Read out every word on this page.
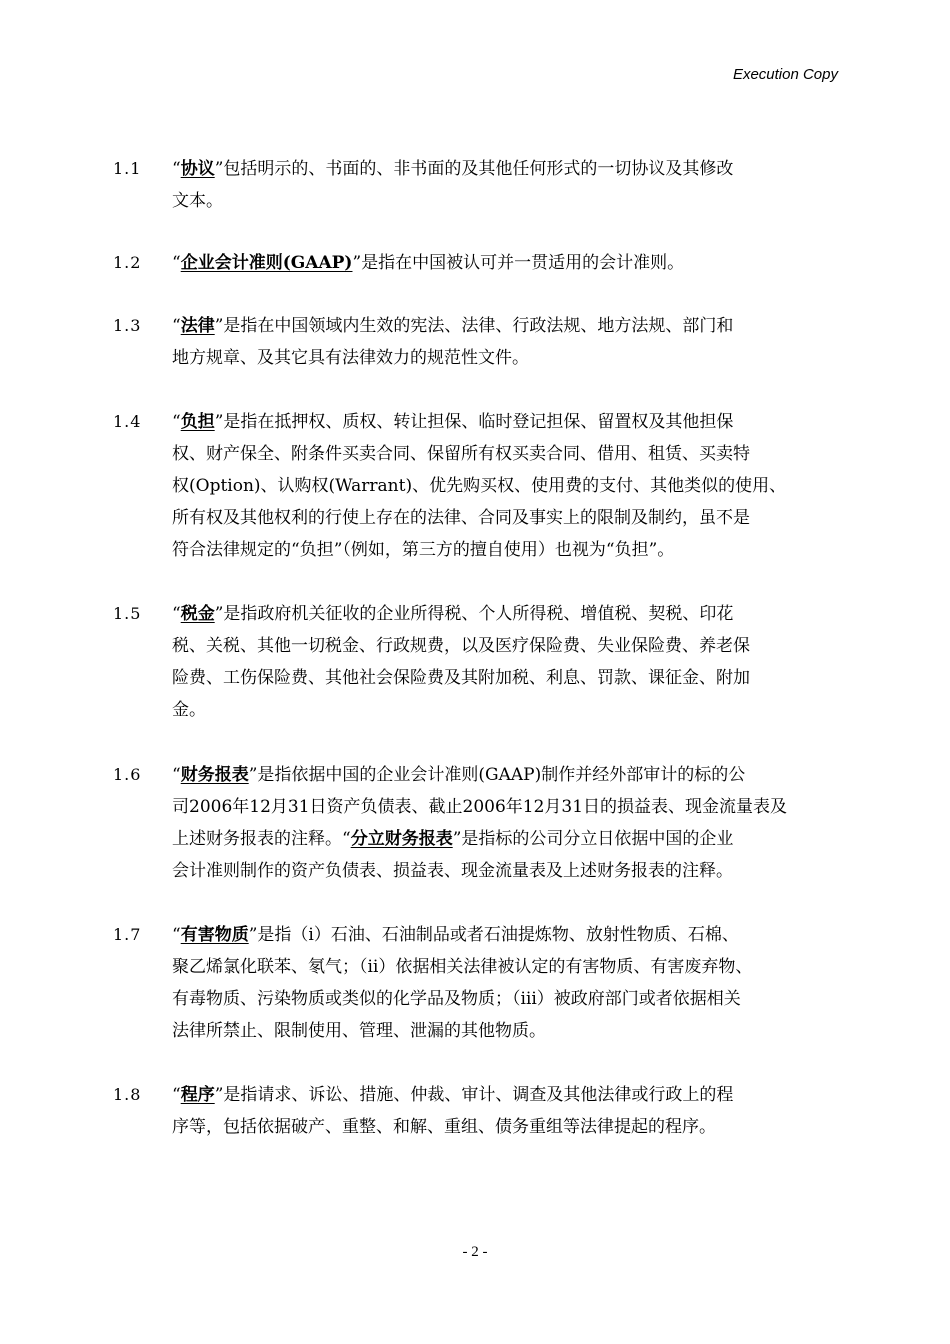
Execution Copy
1.1	“协议”包括明示的、书面的、非书面的及其他任何形式的一切协议及其修改
文本。
1.2	“企业会计准则(GAAP)”是指在中国被认可并一贯适用的会计准则。
1.3	“法律”是指在中国领域内生效的宪法、法律、行政法规、地方法规、部门和
地方规章、及其它具有法律效力的规范性文件。
1.4	“负担”是指在抵押权、质权、转让担保、临时登记担保、留置权及其他担保
权、财产保全、附条件买卖合同、保留所有权买卖合同、借用、租赁、买卖特
权(Option)、认购权(Warrant)、优先购买权、使用费的支付、其他类似的使用、
所有权及其他权利的行使上存在的法律、合同及事实上的限制及制约，虽不是
符合法律规定的“负担”（例如，第三方的擅自使用）也视为“负担”。
1.5	“税金”是指政府机关征收的企业所得税、个人所得税、增值税、契税、印花
税、关税、其他一切税金、行政规费，以及医疗保险费、失业保险费、养老保
险费、工伤保险费、其他社会保险费及其附加税、利息、罚款、课征金、附加
金。
1.6	“财务报表”是指依据中国的企业会计准则(GAAP)制作并经外部审计的标的公
司2006年12月31日资产负债表、截止2006年12月31日的损益表、现金流量表及
上述财务报表的注释。“分立财务报表”是指标的公司分立日依据中国的企业
会计准则制作的资产负债表、损益表、现金流量表及上述财务报表的注释。
1.7	“有害物质”是指（ⅰ）石油、石油制品或者石油提炼物、放射性物质、石棉、
聚乙烯氯化联苯、氡气；（ⅱ）依据相关法律被认定的有害物质、有害废弃物、
有毒物质、污染物质或类似的化学品及物质；（ⅲ）被政府部门或者依据相关
法律所禁止、限制使用、管理、泄漏的其他物质。
1.8	“程序”是指请求、诉讼、措施、仲裁、审计、调查及其他法律或行政上的程
序等，包括依据破产、重整、和解、重组、债务重组等法律提起的程序。
- 2 -
